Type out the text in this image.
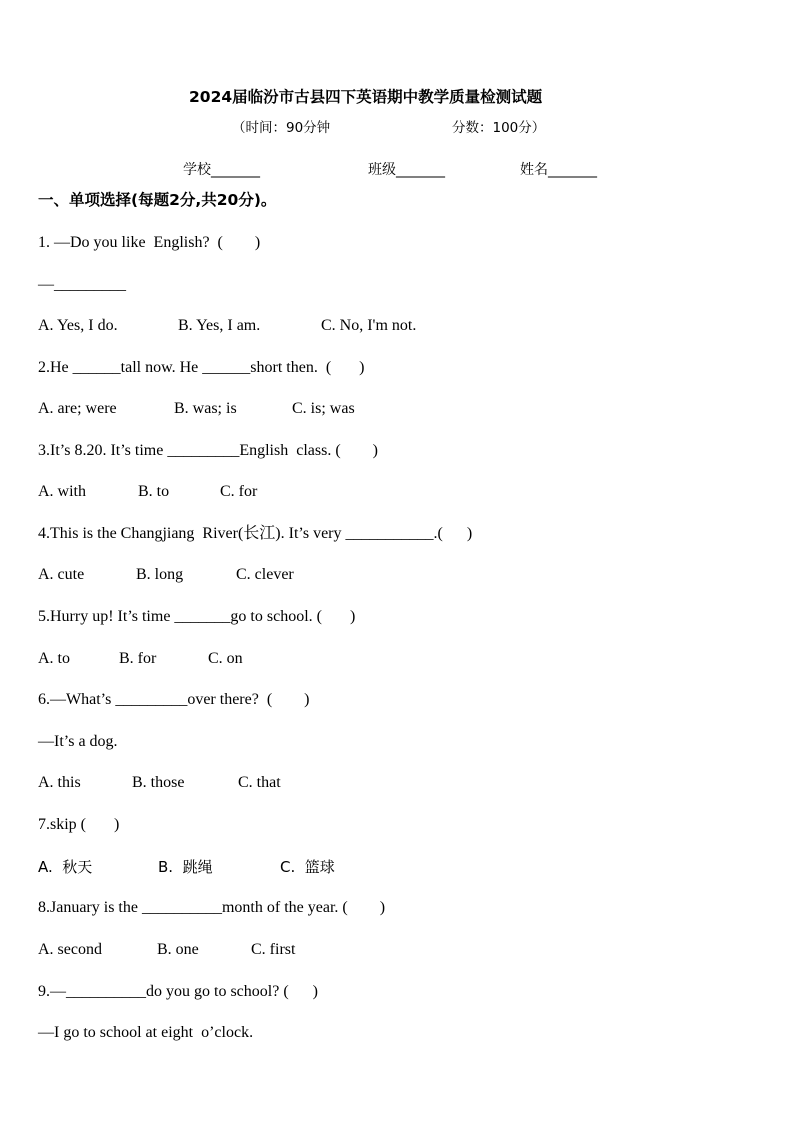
2024届临汾市古县四下英语期中教学质量检测试题
（时间：90分钟	分数：100分）
学校_______	班级_______	姓名_______
一、单项选择(每题2分,共20分)。
1. —Do you like  English?  (        )
—_________

A. Yes, I do.

	B. Yes, I am.

	C. No, I'm not.

2.He ______tall now. He ______short then.  (       )

A. are; were

	B. was; is

	C. is; was

3.It’s 8.20. It’s time _________English  class. (        )

A. with

	B. to

	C. for

4.This is the Changjiang  River(长江). It’s very ___________.(      )

A. cute

	B. long

	C. clever

5.Hurry up! It’s time _______go to school. (       )

A. to

	B. for

	C. on

6.—What’s _________over there?  (        )
—It’s a dog.

A. this

	B. those

	C. that

7.skip (       )

A.  秋天

	B.  跳绳

	C.  篮球

8.January is the __________month of the year. (        )

A. second

	B. one

	C. first

9.—__________do you go to school? (      )
—I go to school at eight  o’clock.
